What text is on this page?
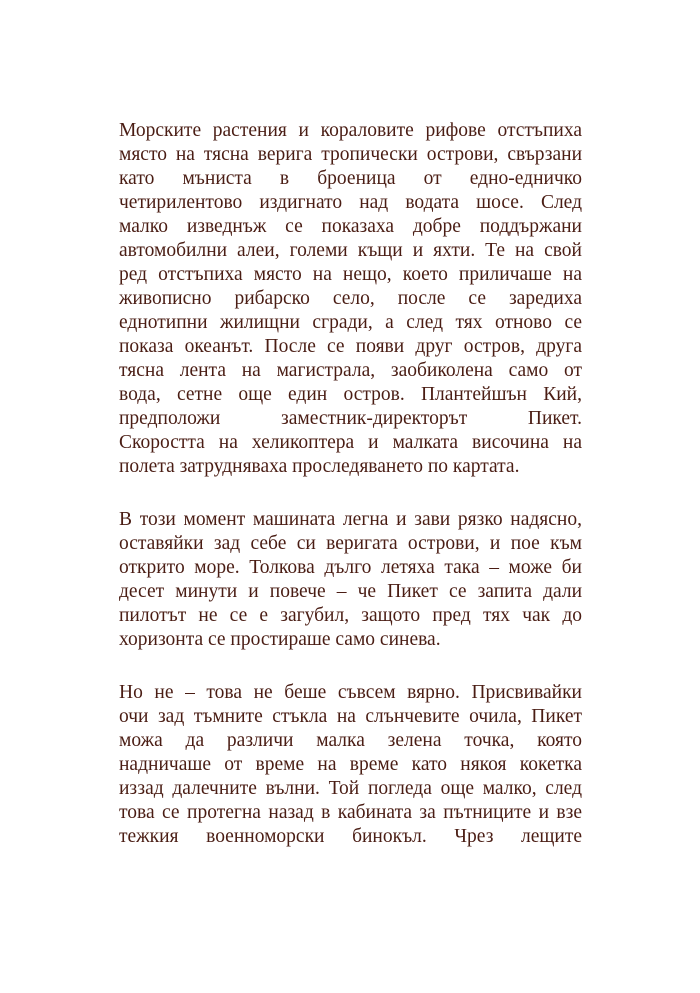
Морските растения и кораловите рифове отстъпиха
място на тясна верига тропически острови, свързани
като мъниста в броеница от едно-едничко
четирилентово издигнато над водата шосе. След
малко изведнъж се показаха добре поддържани
автомобилни алеи, големи къщи и яхти. Те на свой
ред отстъпиха място на нещо, което приличаше на
живописно рибарско село, после се заредиха
еднотипни жилищни сгради, а след тях отново се
показа океанът. После се появи друг остров, друга
тясна лента на магистрала, заобиколена само от
вода, сетне още един остров. Плантейшън Кий,
предположи заместник-директорът Пикет.
Скоростта на хеликоптера и малката височина на
полета затрудняваха проследяването по картата.

В този момент машината легна и зави рязко надясно,
оставяйки зад себе си веригата острови, и пое към
открито море. Толкова дълго летяха така – може би
десет минути и повече – че Пикет се запита дали
пилотът не се е загубил, защото пред тях чак до
хоризонта се простираше само синева.

Но не – това не беше съвсем вярно. Присвивайки
очи зад тъмните стъкла на слънчевите очила, Пикет
можа да различи малка зелена точка, която
надничаше от време на време като някоя кокетка
иззад далечните вълни. Той погледа още малко, след
това се протегна назад в кабината за пътниците и взе
тежкия военноморски бинокъл. Чрез лещите
